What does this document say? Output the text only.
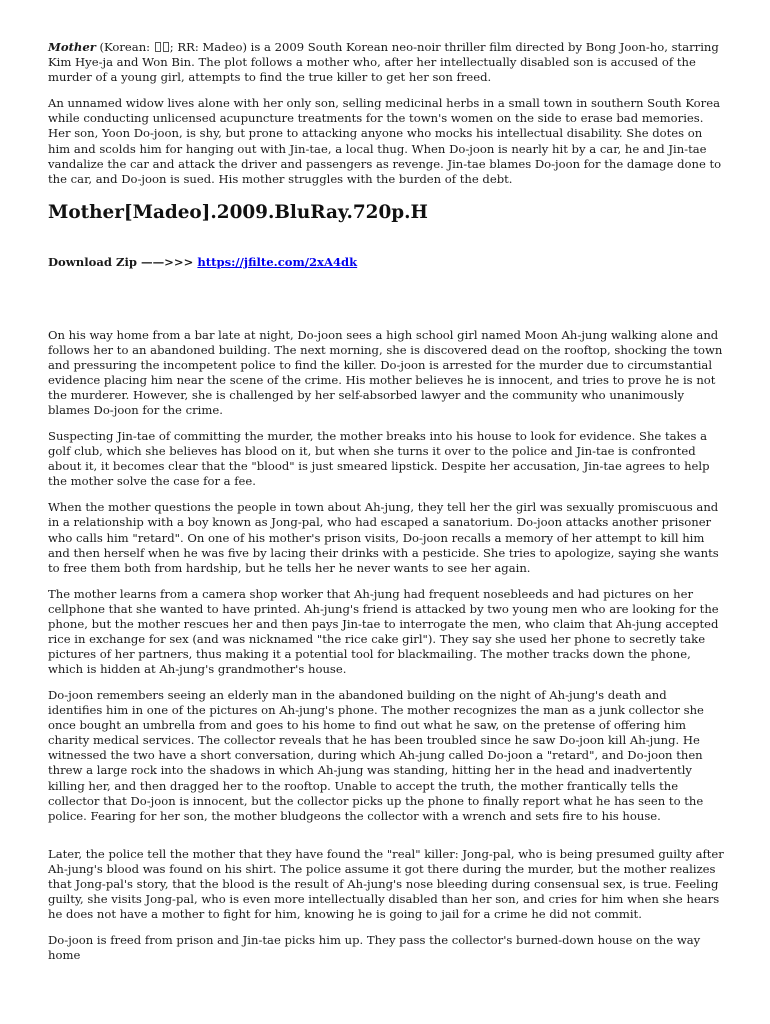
Mother (Korean: ; RR: Madeo) is a 2009 South Korean neo-noir thriller film directed by Bong Joon-ho, starring Kim Hye-ja and Won Bin. The plot follows a mother who, after her intellectually disabled son is accused of the murder of a young girl, attempts to find the true killer to get her son freed.

An unnamed widow lives alone with her only son, selling medicinal herbs in a small town in southern South Korea while conducting unlicensed acupuncture treatments for the town's women on the side to erase bad memories. Her son, Yoon Do-joon, is shy, but prone to attacking anyone who mocks his intellectual disability. She dotes on him and scolds him for hanging out with Jin-tae, a local thug. When Do-joon is nearly hit by a car, he and Jin-tae vandalize the car and attack the driver and passengers as revenge. Jin-tae blames Do-joon for the damage done to the car, and Do-joon is sued. His mother struggles with the burden of the debt.

Mother[Madeo].2009.BluRay.720p.H
Download Zip ——>>> https://jfilte.com/2xA4dk

On his way home from a bar late at night, Do-joon sees a high school girl named Moon Ah-jung walking alone and follows her to an abandoned building. The next morning, she is discovered dead on the rooftop, shocking the town and pressuring the incompetent police to find the killer. Do-joon is arrested for the murder due to circumstantial evidence placing him near the scene of the crime. His mother believes he is innocent, and tries to prove he is not the murderer. However, she is challenged by her self-absorbed lawyer and the community who unanimously blames Do-joon for the crime.

Suspecting Jin-tae of committing the murder, the mother breaks into his house to look for evidence. She takes a golf club, which she believes has blood on it, but when she turns it over to the police and Jin-tae is confronted about it, it becomes clear that the "blood" is just smeared lipstick. Despite her accusation, Jin-tae agrees to help the mother solve the case for a fee.

When the mother questions the people in town about Ah-jung, they tell her the girl was sexually promiscuous and in a relationship with a boy known as Jong-pal, who had escaped a sanatorium. Do-joon attacks another prisoner who calls him "retard". On one of his mother's prison visits, Do-joon recalls a memory of her attempt to kill him and then herself when he was five by lacing their drinks with a pesticide. She tries to apologize, saying she wants to free them both from hardship, but he tells her he never wants to see her again.

The mother learns from a camera shop worker that Ah-jung had frequent nosebleeds and had pictures on her cellphone that she wanted to have printed. Ah-jung's friend is attacked by two young men who are looking for the phone, but the mother rescues her and then pays Jin-tae to interrogate the men, who claim that Ah-jung accepted rice in exchange for sex (and was nicknamed "the rice cake girl"). They say she used her phone to secretly take pictures of her partners, thus making it a potential tool for blackmailing. The mother tracks down the phone, which is hidden at Ah-jung's grandmother's house.

Do-joon remembers seeing an elderly man in the abandoned building on the night of Ah-jung's death and identifies him in one of the pictures on Ah-jung's phone. The mother recognizes the man as a junk collector she once bought an umbrella from and goes to his home to find out what he saw, on the pretense of offering him charity medical services. The collector reveals that he has been troubled since he saw Do-joon kill Ah-jung. He witnessed the two have a short conversation, during which Ah-jung called Do-joon a "retard", and Do-joon then threw a large rock into the shadows in which Ah-jung was standing, hitting her in the head and inadvertently killing her, and then dragged her to the rooftop. Unable to accept the truth, the mother frantically tells the collector that Do-joon is innocent, but the collector picks up the phone to finally report what he has seen to the police. Fearing for her son, the mother bludgeons the collector with a wrench and sets fire to his house.

Later, the police tell the mother that they have found the "real" killer: Jong-pal, who is being presumed guilty after Ah-jung's blood was found on his shirt. The police assume it got there during the murder, but the mother realizes that Jong-pal's story, that the blood is the result of Ah-jung's nose bleeding during consensual sex, is true. Feeling guilty, she visits Jong-pal, who is even more intellectually disabled than her son, and cries for him when she hears he does not have a mother to fight for him, knowing he is going to jail for a crime he did not commit.

Do-joon is freed from prison and Jin-tae picks him up. They pass the collector's burned-down house on the way home
